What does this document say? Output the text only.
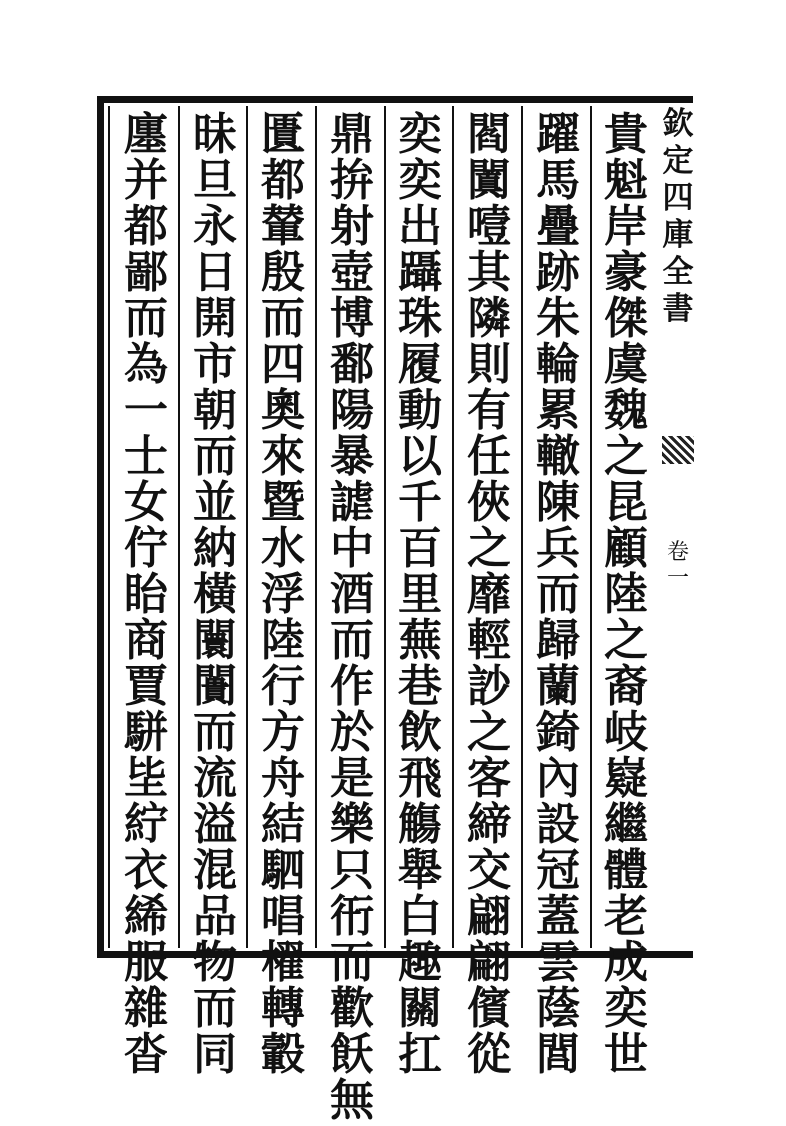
貴
魁
岸
豪
傑
虞
魏
之
昆
顧
陸
之
裔
岐
嶷
繼
體
老
成
奕
世
躍
馬
疊
跡
朱
輪
累
轍
陳
兵
而
歸
蘭
錡
內
設
冠
蓋
雲
蔭
閭
閻
闐
噎
其
隣
則
有
任
俠
之
靡
輕
訬
之
客
締
交
翩
翩
儐
從
奕
奕
出
躡
珠
履
動
以
千
百
里
蕪
巷
飲
飛
觴
舉
白
趣
關
扛
鼎
拚
射
壺
博
鄱
陽
暴
謔
中
酒
而
作
於
是
樂
只
衎
而
歡
飫
無
匱
都
輦
殷
而
四
奧
來
暨
水
浮
陸
行
方
舟
結
駟
唱
櫂
轉
轂
昧
旦
永
日
開
市
朝
而
並
納
橫
闤
闠
而
流
溢
混
品
物
而
同
廛
并
都
鄙
而
為
一
士
女
佇
眙
商
賈
駢
坒
紵
衣
絺
服
雜
沓
欽
定
四
庫
全
書
卷
一
